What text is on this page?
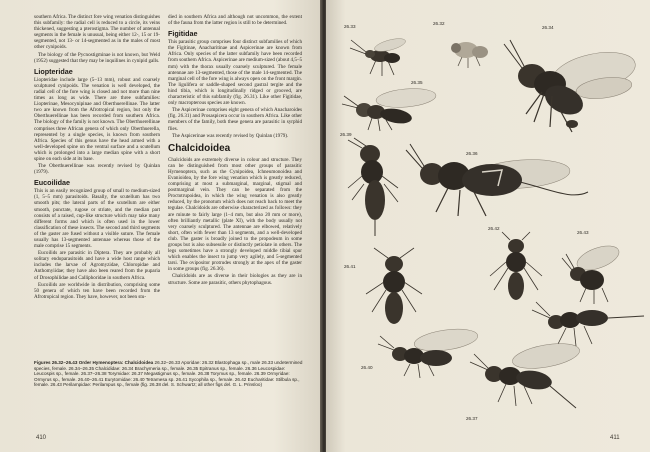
southern Africa. The distinct fore wing venation distinguishes this subfamily: the radial cell is reduced to a circle, its veins thickened, suggesting a pterostigma. The number of antennal segments in the female is unusual, being either 12-, 15 or 19-segmented, not 13- or 14-segmented as in the males of most other cynipoids.

The biology of the Pycnostigminae is not known, but Weld (1952) suggested that they may be inquilines in cynipid galls.

Liopteridae

Liopteridae include large (5–13 mm), robust and coarsely sculptured cynipoids. The venation is well developed, the radial cell of the fore wing is closed and not more than nine times as long as wide. There are three subfamilies: Liopterinae, Mesocynipinae and Oberthuerellinae. The latter two are known from the Afrotropical region, but only the Oberthuerellinae has been recorded from southern Africa. The biology of the family is not known. The Oberthuerellinae comprises three African genera of which only Oberthuerella, represented by a single species, is known from southern Africa. Species of this genus have the head armed with a well-developed spine on the ventral surface and a scutellum which is prolonged into a large median spine with a short spine on each side at its base.

The Oberthuerellinae was recently revised by Quinlan (1979).

Eucoilidae

This is an easily recognized group of small to medium-sized (1, 5–5 mm) parasitoids. Basally, the scutellum has two smooth pits; the lateral parts of the scutellum are either smooth, punctate, rugose or striate, and the median part consists of a raised, cup-like structure which may take many different forms and which is often used in the lower classification of these insects. The second and third segments of the gaster are fused without a visible suture. The female usually has 13-segmented antennae whereas those of the male comprise 15 segments.

Eucoilids are parasitic in Diptera. They are probably all solitary endoparasitoids and have a wide host range which includes the larvae of Agromyzidae, Chloropidae and Anthomyiidae; they have also been reared from the puparia of Drosophilidae and Calliphoridae in southern Africa.

Eucoilids are worldwide in distribution, comprising some 50 genera of which ten have been recorded from the Afrotropical region. They have, however, not been stu-

died in southern Africa and although not uncommon, the extent of the fauna from the latter region is still to be determined.

Figitidae

This parasitic group comprises four distinct subfamilies of which the Figitinae, Anacharitinae and Aspicerinae are known from Africa. Only species of the latter subfamily have been recorded from southern Africa. Aspicerinae are medium-sized (about 4,5–5 mm) with the thorax usually coarsely sculptured. The female antennae are 13-segmented, those of the male 14-segmented. The marginal cell of the fore wing is always open on the front margin. The ligulifera or saddle-shaped second gastral tergite and the hind tibia, which is longitudinally ridged or grooved, are characteristic of this subfamily (fig. 26.31). Like other Figitidae, only macropterous species are known.

The Aspicerinae comprises eight genera of which Anacharoides (fig. 26.31) and Prosaspicera occur in southern Africa. Like other members of the family, both these genera are parasitic in syrphid flies.

The Aspicerinae was recently revised by Quinlan (1979).

Chalcidoidea

Chalcidoids are extremely diverse in colour and structure. They can be distinguished from most other groups of parasitic Hymenoptera, such as the Cynipoidea, Ichneumonoidea and Evanioidea, by the fore wing venation which is greatly reduced, comprising at most a submarginal, marginal, stigmal and postmarginal vein. They can be separated from the Proctotrupoidea, in which the wing venation is also greatly reduced, by the pronotum which does not reach back to meet the tegulae. Chalcidoids are otherwise characterized as follows: they are minute to fairly large (1–4 mm, but also 20 mm or more), often brilliantly metallic (plate XI), with the body usually not very coarsely sculptured. The antennae are elbowed, relatively short, often with fewer than 13 segments, and a well-developed club. The gaster is broadly joined to the propodeum in some groups but is also subsessile or distinctly petiolate in others. The legs sometimes have a strongly developed middle tibial spur which enables the insect to jump very agilely, and 5-segmented tarsi. The ovipositor protrudes strongly at the apex of the gaster in some groups (fig. 26.36).

Chalcidoids are as diverse in their biologies as they are in structure. Some are parasitic, others phytophagous.

Figures 26.32–26.43 Order Hymenoptera: Chalcidoidea 26.32–26.33 Aporidae: 26.32 Blastophaga sp., male 26.33 undetermined species, female. 26.34–26.35 Chalcididae: 26.34 Brachymeria sp., female. 26.35 Epitranus sp., female. 26.36 Leucospidae: Leucospis sp., female. 26.37–26.38 Torymidae: 26.37 Megastigmus sp., female. 26.38 Torymus sp., female. 26.39 Ormyridae: Ormyrus sp., female. 26.40–26.41 Eurytomidae: 26.40 Tetramesa sp. 26.41 Sycophila sp., female. 26.42 Eucharitidae: Stilbula sp., female. 26.43 Perilampidae: Perilampus sp., female (fig. 26.38 del. S. Schwartz; all other figs del. G. L. Prinsloo)
410
26.33
26.32
26.34
26.35
26.39
26.36
26.42
26.43
26.41
26.40
26.37
411
